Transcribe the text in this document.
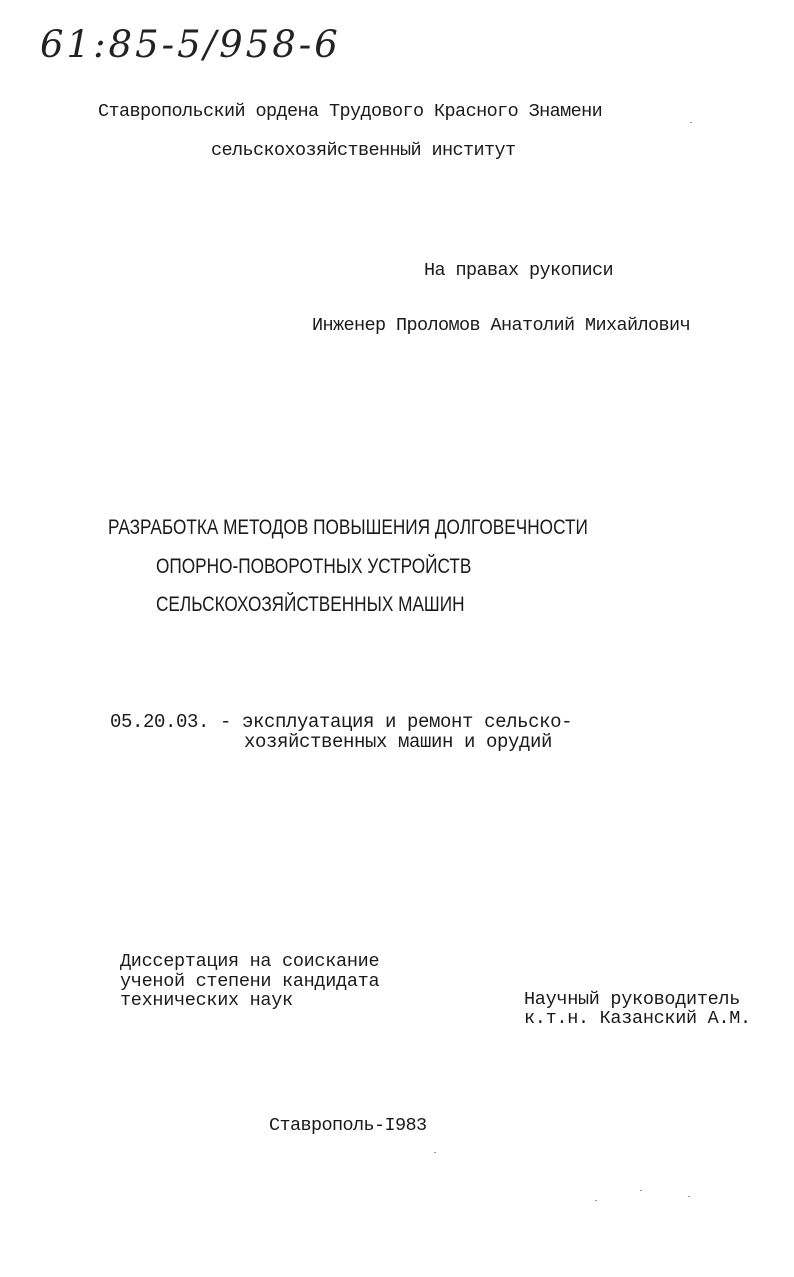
61:85-5/958-6
Ставропольский ордена Трудового Красного Знамени
сельскохозяйственный институт
На правах рукописи
Инженер Проломов Анатолий Михайлович
РАЗРАБОТКА МЕТОДОВ ПОВЫШЕНИЯ ДОЛГОВЕЧНОСТИ
ОПОРНО-ПОВОРОТНЫХ УСТРОЙСТВ
СЕЛЬСКОХОЗЯЙСТВЕННЫХ МАШИН
05.20.03. - эксплуатация и ремонт сельско-
хозяйственных машин и орудий
Диссертация на соискание
ученой степени кандидата
технических наук	Научный руководитель
к.т.н. Казанский А.М.
Ставрополь-I983
